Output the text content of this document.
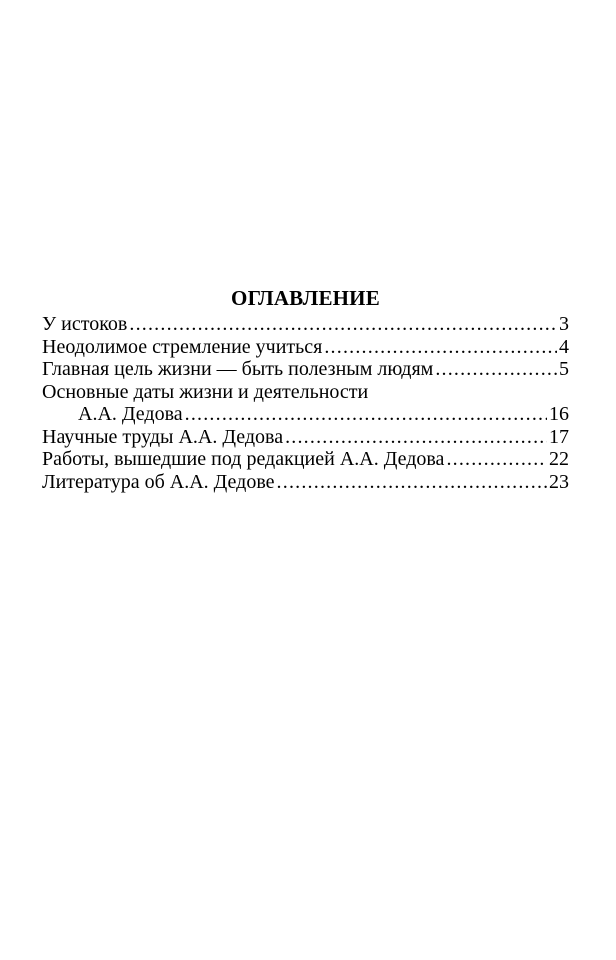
ОГЛАВЛЕНИЕ
У истоков .....	3
Неодолимое стремление учиться .....	4
Главная цель жизни — быть полезным людям .....	5
Основные даты жизни и деятельности
А.А. Дедова .....	16
Научные труды А.А. Дедова .....	17
Работы, вышедшие под редакцией А.А. Дедова .....	22
Литература об А.А. Дедове .....	23
